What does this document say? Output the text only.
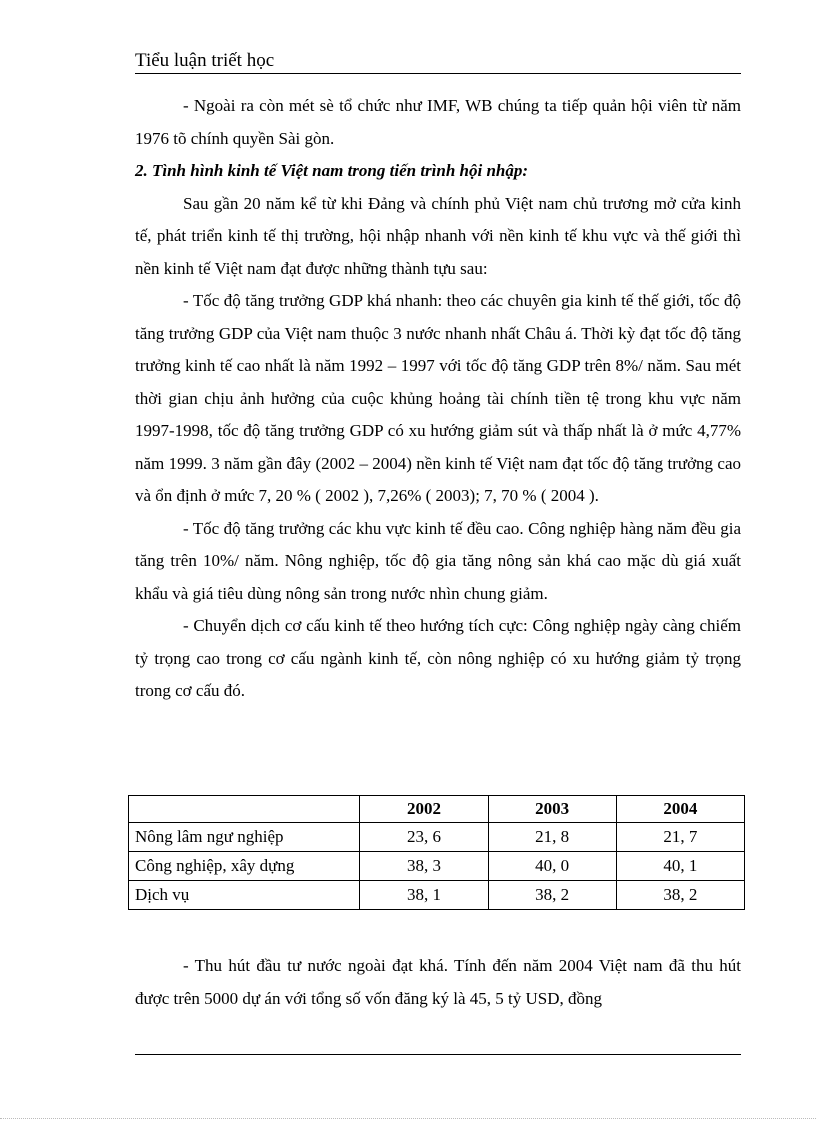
Tiểu luận triết học

- Ngoài ra còn mét sè tổ chức như IMF, WB chúng ta tiếp quản hội viên từ năm 1976 tõ chính quyền Sài gòn.

2. Tình hình kinh tế Việt nam trong tiến trình hội nhập:

Sau gần 20 năm kể từ khi Đảng và chính phủ Việt nam chủ trương mở cửa kinh tế, phát triển kinh tế thị trường, hội nhập nhanh với nền kinh tế khu vực và thế giới thì nền kinh tế Việt nam đạt được những thành tựu sau:

- Tốc độ tăng trưởng GDP khá nhanh: theo các chuyên gia kinh tế thế giới, tốc độ tăng trưởng GDP của Việt nam thuộc 3 nước nhanh nhất Châu á. Thời kỳ đạt tốc độ tăng trưởng kinh tế cao nhất là năm 1992 – 1997 với tốc độ tăng GDP trên 8%/ năm. Sau mét thời gian chịu ảnh hưởng của cuộc khủng hoảng tài chính tiền tệ trong khu vực năm 1997-1998, tốc độ tăng trưởng GDP có xu hướng giảm sút và thấp nhất là ở mức 4,77% năm 1999. 3 năm gần đây (2002 – 2004) nền kinh tế Việt nam đạt tốc độ tăng trưởng cao và ổn định ở mức 7, 20 % ( 2002 ), 7,26% ( 2003); 7, 70 % ( 2004 ).

- Tốc độ tăng trưởng các khu vực kinh tế đều cao. Công nghiệp hàng năm đều gia tăng trên 10%/ năm. Nông nghiệp, tốc độ gia tăng nông sản khá cao mặc dù giá xuất khẩu và giá tiêu dùng nông sản trong nước nhìn chung giảm.

- Chuyển dịch cơ cấu kinh tế theo hướng tích cực: Công nghiệp ngày càng chiếm tỷ trọng cao trong cơ cấu ngành kinh tế, còn nông nghiệp có xu hướng giảm tỷ trọng trong cơ cấu đó.

	2002	2003	2004
Nông lâm ngư nghiệp	23, 6	21, 8	21, 7
Công nghiệp, xây dựng	38, 3	40, 0	40, 1
Dịch vụ	38, 1	38, 2	38, 2

- Thu hút đầu tư nước ngoài đạt khá. Tính đến năm 2004 Việt nam đã thu hút được trên 5000 dự án với tổng số vốn đăng ký là 45, 5 tỷ USD, đồng
